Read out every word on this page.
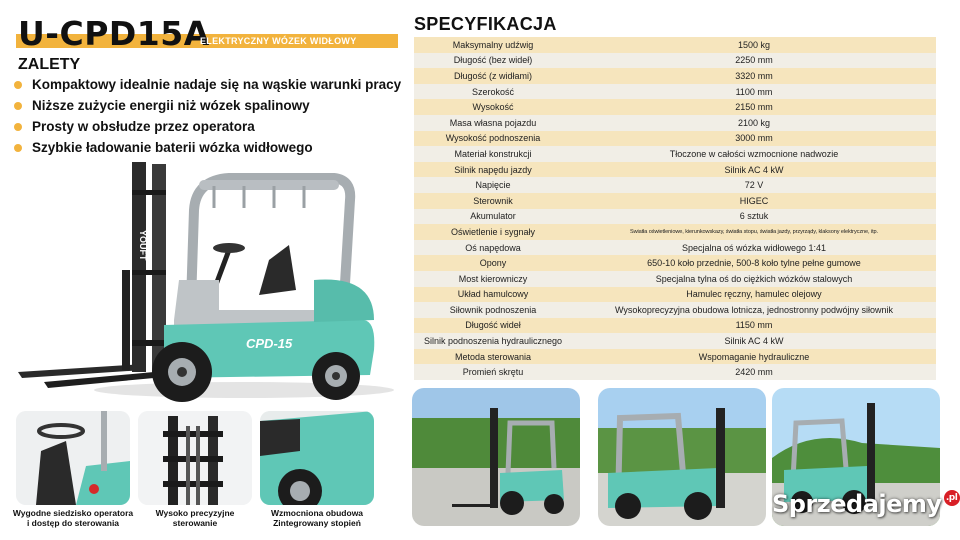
U-CPD15A
ELEKTRYCZNY WÓZEK WIDŁOWY
ZALETY
Kompaktowy idealnie nadaje się na wąskie warunki pracy
Niższe zużycie energii niż wózek spalinowy
Prosty w obsłudze przez operatora
Szybkie ładowanie baterii wózka widłowego
YOUFT
CPD-15
Wygodne siedzisko operatora
i dostęp do sterowania
Wysoko precyzyjne
sterowanie
Wzmocniona obudowa
Zintegrowany stopień
SPECYFIKACJA
Maksymalny udźwig	1500 kg
Długość (bez wideł)	2250 mm
Długość (z widłami)	3320 mm
Szerokość	1100 mm
Wysokość	2150 mm
Masa własna pojazdu	2100 kg
Wysokość podnoszenia	3000 mm
Materiał konstrukcji	Tłoczone w całości wzmocnione nadwozie
Silnik napędu jazdy	Silnik AC 4 kW
Napięcie	72 V
Sterownik	HIGEC
Akumulator	6 sztuk
Oświetlenie i sygnały	Światła oświetleniowe, kierunkowskazy, światła stopu, światła jazdy, przyrządy, klaksony elektryczne, itp.
Oś napędowa	Specjalna oś wózka widłowego 1:41
Opony	650-10 koło przednie, 500-8 koło tylne pełne gumowe
Most kierowniczy	Specjalna tylna oś do ciężkich wózków stalowych
Układ hamulcowy	Hamulec ręczny, hamulec olejowy
Siłownik podnoszenia	Wysokoprecyzyjna obudowa lotnicza, jednostronny podwójny siłownik
Długość wideł	1150 mm
Silnik podnoszenia hydraulicznego	Silnik AC 4 kW
Metoda sterowania	Wspomaganie hydrauliczne
Promień skrętu	2420 mm
Sprzedajemy .pl
